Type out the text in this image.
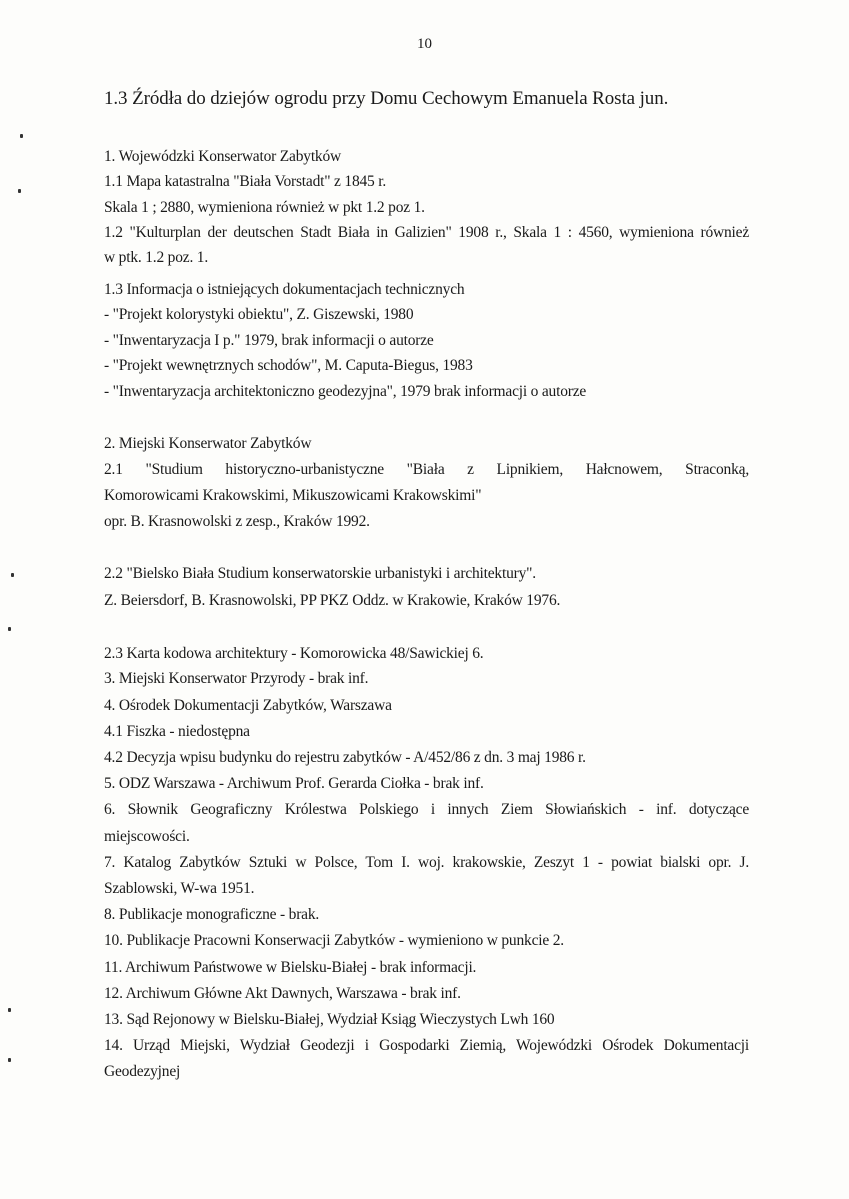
10
1.3 Źródła do dziejów ogrodu przy Domu Cechowym Emanuela Rosta jun.
1. Wojewódzki Konserwator Zabytków
1.1 Mapa katastralna "Biała Vorstadt" z 1845 r.
Skala 1 ; 2880, wymieniona również w pkt 1.2 poz 1.
1.2 "Kulturplan der deutschen Stadt Biała in Galizien" 1908 r., Skala 1 : 4560, wymieniona również
w ptk. 1.2 poz. 1.
1.3 Informacja o istniejących dokumentacjach technicznych
- "Projekt kolorystyki obiektu", Z. Giszewski, 1980
- "Inwentaryzacja I p." 1979, brak informacji o autorze
- "Projekt wewnętrznych schodów", M. Caputa-Biegus, 1983
- "Inwentaryzacja architektoniczno geodezyjna", 1979 brak informacji o autorze
2. Miejski Konserwator Zabytków
2.1 "Studium historyczno-urbanistyczne "Biała z Lipnikiem, Hałcnowem, Straconką,
Komorowicami Krakowskimi, Mikuszowicami Krakowskimi"
opr. B. Krasnowolski z zesp., Kraków 1992.
2.2 "Bielsko Biała Studium konserwatorskie urbanistyki i architektury".
Z. Beiersdorf, B. Krasnowolski, PP PKZ Oddz. w Krakowie, Kraków 1976.
2.3 Karta kodowa architektury - Komorowicka 48/Sawickiej 6.
3. Miejski Konserwator Przyrody - brak inf.
4. Ośrodek Dokumentacji Zabytków, Warszawa
4.1 Fiszka - niedostępna
4.2 Decyzja wpisu budynku do rejestru zabytków - A/452/86 z dn. 3 maj 1986 r.
5. ODZ Warszawa - Archiwum Prof. Gerarda Ciołka - brak inf.
6. Słownik Geograficzny Królestwa Polskiego i innych Ziem Słowiańskich - inf. dotyczące
miejscowości.
7. Katalog Zabytków Sztuki w Polsce, Tom I. woj. krakowskie, Zeszyt 1 - powiat bialski opr. J.
Szablowski, W-wa 1951.
8. Publikacje monograficzne - brak.
10. Publikacje Pracowni Konserwacji Zabytków - wymieniono w punkcie 2.
11. Archiwum Państwowe w Bielsku-Białej - brak informacji.
12. Archiwum Główne Akt Dawnych, Warszawa - brak inf.
13. Sąd Rejonowy w Bielsku-Białej, Wydział Ksiąg Wieczystych Lwh 160
14. Urząd Miejski, Wydział Geodezji i Gospodarki Ziemią, Wojewódzki Ośrodek Dokumentacji
Geodezyjnej
